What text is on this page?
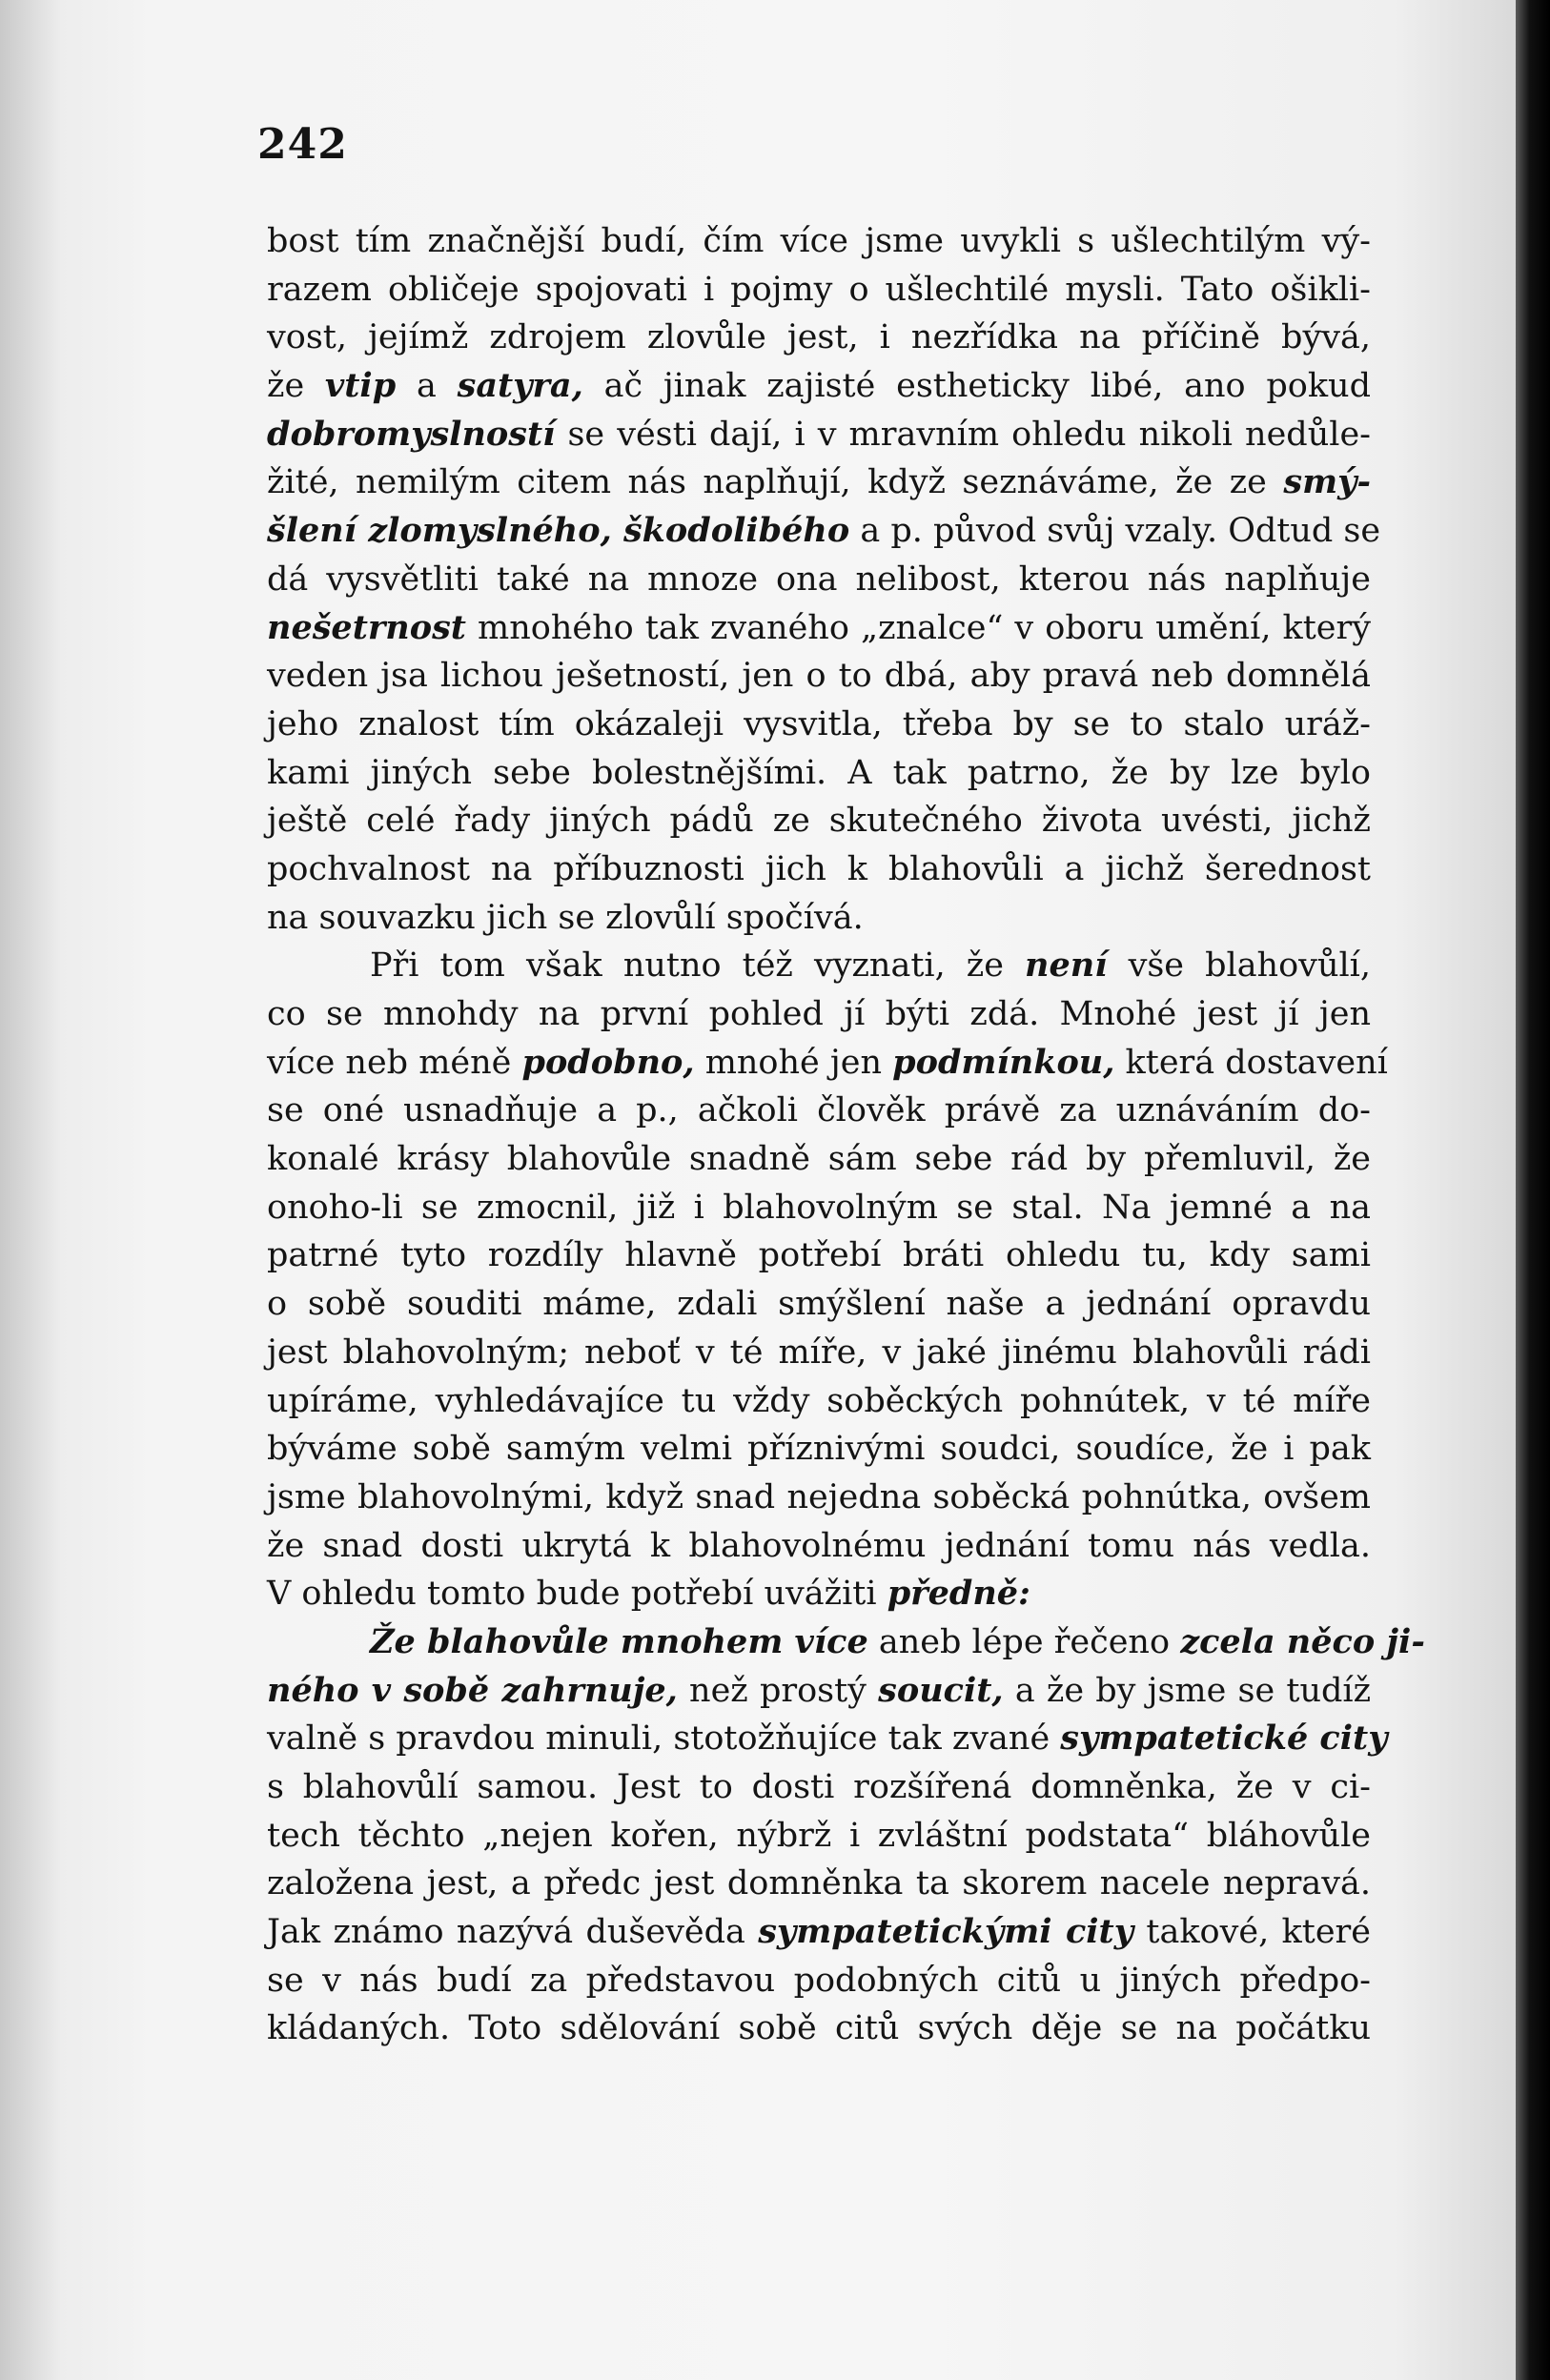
242
bost tím značnější budí, čím více jsme uvykli s ušlechtilým vý-
razem obličeje spojovati i pojmy o ušlechtilé mysli. Tato ošikli-
vost, jejímž zdrojem zlovůle jest, i nezřídka na příčině bývá,
že vtip a satyra, ač jinak zajisté estheticky libé, ano pokud
dobromyslností se vésti dají, i v mravním ohledu nikoli nedůle-
žité, nemilým citem nás naplňují, když seznáváme, že ze smý-
šlení zlomyslného, škodolibého a p. původ svůj vzaly. Odtud se
dá vysvětliti také na mnoze ona nelibost, kterou nás naplňuje
nešetrnost mnohého tak zvaného „znalce“ v oboru umění, který
veden jsa lichou ješetností, jen o to dbá, aby pravá neb domnělá
jeho znalost tím okázaleji vysvitla, třeba by se to stalo uráž-
kami jiných sebe bolestnějšími. A tak patrno, že by lze bylo
ještě celé řady jiných pádů ze skutečného života uvésti, jichž
pochvalnost na příbuznosti jich k blahovůli a jichž šerednost
na souvazku jich se zlovůlí spočívá.
Při tom však nutno též vyznati, že není vše blahovůlí,
co se mnohdy na první pohled jí býti zdá. Mnohé jest jí jen
více neb méně podobno, mnohé jen podmínkou, která dostavení
se oné usnadňuje a p., ačkoli člověk právě za uznáváním do-
konalé krásy blahovůle snadně sám sebe rád by přemluvil, že
onoho-li se zmocnil, již i blahovolným se stal. Na jemné a na
patrné tyto rozdíly hlavně potřebí bráti ohledu tu, kdy sami
o sobě souditi máme, zdali smýšlení naše a jednání opravdu
jest blahovolným; neboť v té míře, v jaké jinému blahovůli rádi
upíráme, vyhledávajíce tu vždy soběckých pohnútek, v té míře
býváme sobě samým velmi příznivými soudci, soudíce, že i pak
jsme blahovolnými, když snad nejedna soběcká pohnútka, ovšem
že snad dosti ukrytá k blahovolnému jednání tomu nás vedla.
V ohledu tomto bude potřebí uvážiti předně:
Že blahovůle mnohem více aneb lépe řečeno zcela něco ji-
ného v sobě zahrnuje, než prostý soucit, a že by jsme se tudíž
valně s pravdou minuli, stotožňujíce tak zvané sympatetické city
s blahovůlí samou. Jest to dosti rozšířená domněnka, že v ci-
tech těchto „nejen kořen, nýbrž i zvláštní podstata“ bláhovůle
založena jest, a předc jest domněnka ta skorem nacele nepravá.
Jak známo nazývá duševěda sympatetickými city takové, které
se v nás budí za představou podobných citů u jiných předpo-
kládaných. Toto sdělování sobě citů svých děje se na počátku
